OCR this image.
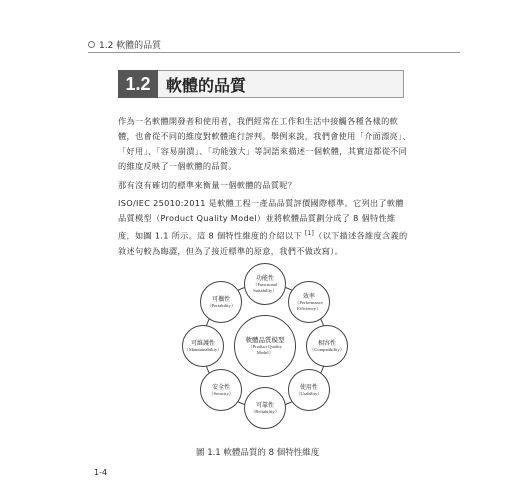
1.2 軟體的品質
1.2 軟體的品質
作為一名軟體開發者和使用者，我們經常在工作和生活中接觸各種各樣的軟體，也會從不同的維度對軟體進行評判。舉例來說，我們會使用「介面漂亮」、「好用」、「容易崩潰」、「功能強大」等詞語來描述一個軟體，其實這都從不同的維度反映了一個軟體的品質。
那有沒有確切的標準來衡量一個軟體的品質呢？
ISO/IEC 25010:2011 是軟體工程一產品品質評價國際標準。它列出了軟體品質模型（Product Quality Model）並將軟體品質劃分成了 8 個特性維度，如圖 1.1 所示。這 8 個特性維度的介紹以下 [1]（以下描述各維度含義的敘述句較為晦澀，但為了接近標準的原意，我們不做改寫）。
軟體品質模型
（Product Quality
Model）
功能性
（Functional
Suitability）
效率
（Performance
Efficiency）
相容性
（Compatibility）
使用性
（Usability）
可靠性
（Reliability）
安全性
（Security）
可維護性
（Maintainability）
可攜性
（Portability）
圖 1.1 軟體品質的 8 個特性維度
1-4
